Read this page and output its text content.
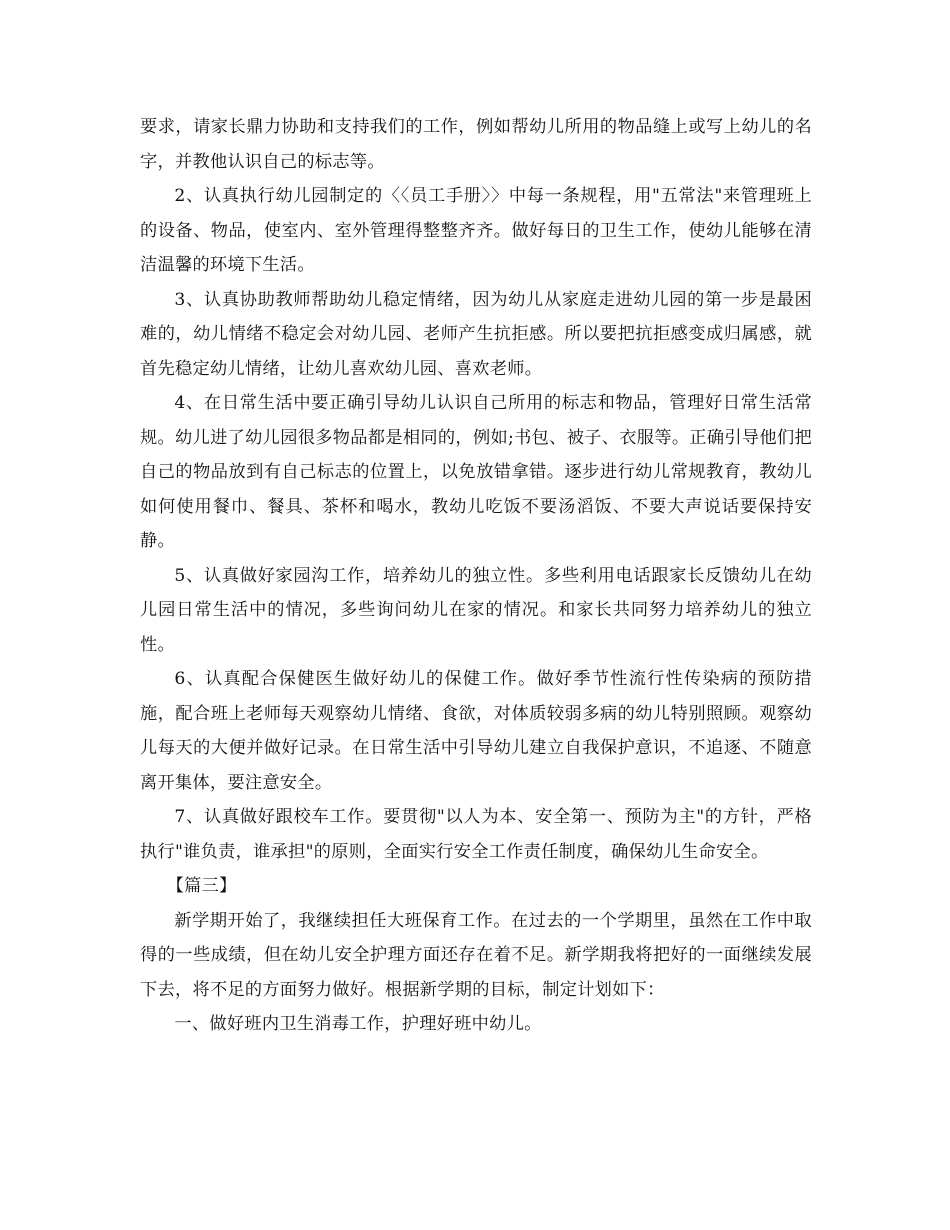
要求，请家长鼎力协助和支持我们的工作，例如帮幼儿所用的物品缝上或写上幼儿的名字，并教他认识自己的标志等。

2、认真执行幼儿园制定的〈〈员工手册〉〉中每一条规程，用"五常法"来管理班上的设备、物品，使室内、室外管理得整整齐齐。做好每日的卫生工作，使幼儿能够在清洁温馨的环境下生活。

3、认真协助教师帮助幼儿稳定情绪，因为幼儿从家庭走进幼儿园的第一步是最困难的，幼儿情绪不稳定会对幼儿园、老师产生抗拒感。所以要把抗拒感变成归属感，就首先稳定幼儿情绪，让幼儿喜欢幼儿园、喜欢老师。

4、在日常生活中要正确引导幼儿认识自己所用的标志和物品，管理好日常生活常规。幼儿进了幼儿园很多物品都是相同的，例如;书包、被子、衣服等。正确引导他们把自己的物品放到有自己标志的位置上，以免放错拿错。逐步进行幼儿常规教育，教幼儿如何使用餐巾、餐具、茶杯和喝水，教幼儿吃饭不要汤滔饭、不要大声说话要保持安静。

5、认真做好家园沟工作，培养幼儿的独立性。多些利用电话跟家长反馈幼儿在幼儿园日常生活中的情况，多些询问幼儿在家的情况。和家长共同努力培养幼儿的独立性。

6、认真配合保健医生做好幼儿的保健工作。做好季节性流行性传染病的预防措施，配合班上老师每天观察幼儿情绪、食欲，对体质较弱多病的幼儿特别照顾。观察幼儿每天的大便并做好记录。在日常生活中引导幼儿建立自我保护意识，不追逐、不随意离开集体，要注意安全。

7、认真做好跟校车工作。要贯彻"以人为本、安全第一、预防为主"的方针，严格执行"谁负责，谁承担"的原则，全面实行安全工作责任制度，确保幼儿生命安全。

【篇三】

新学期开始了，我继续担任大班保育工作。在过去的一个学期里，虽然在工作中取得的一些成绩，但在幼儿安全护理方面还存在着不足。新学期我将把好的一面继续发展下去，将不足的方面努力做好。根据新学期的目标，制定计划如下：

一、做好班内卫生消毒工作，护理好班中幼儿。
